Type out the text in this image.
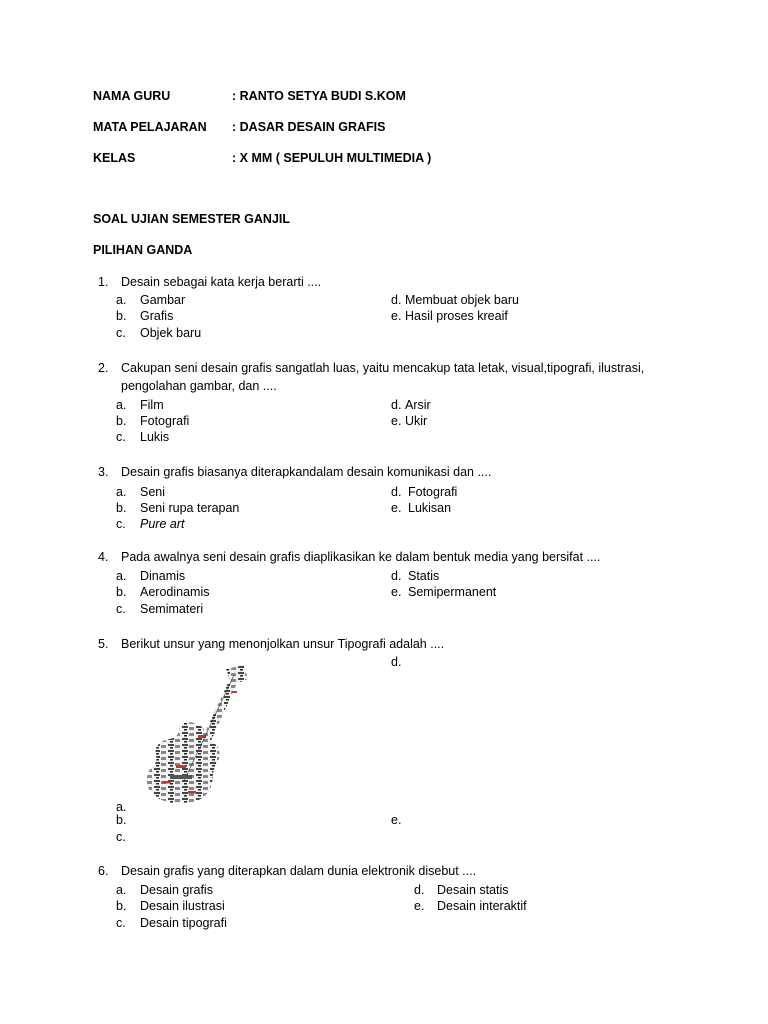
NAMA GURU	: RANTO SETYA BUDI S.KOM
MATA PELAJARAN : DASAR DESAIN GRAFIS
KELAS	: X MM ( SEPULUH MULTIMEDIA )
SOAL UJIAN SEMESTER GANJIL
PILIHAN GANDA
1. Desain sebagai kata kerja berarti ....
a. Gambar
b. Grafis
c. Objek baru
d. Membuat objek baru
e. Hasil proses kreaif
2. Cakupan seni desain grafis sangatlah luas, yaitu mencakup tata letak, visual,tipografi, ilustrasi,
pengolahan gambar, dan ....
a. Film
b. Fotografi
c. Lukis
d. Arsir
e. Ukir
3. Desain grafis biasanya diterapkandalam desain komunikasi dan ....
a. Seni
b. Seni rupa terapan
c. Pure art
d. Fotografi
e. Lukisan
4. Pada awalnya seni desain grafis diaplikasikan ke dalam bentuk media yang bersifat ....
a. Dinamis
b. Aerodinamis
c. Semimateri
d. Statis
e. Semipermanent
5. Berikut unsur yang menonjolkan unsur Tipografi adalah ....
d.
a.
b.
c.
e.
6. Desain grafis yang diterapkan dalam dunia elektronik disebut ....
a. Desain grafis
b. Desain ilustrasi
c. Desain tipografi
d. Desain statis
e. Desain interaktif
